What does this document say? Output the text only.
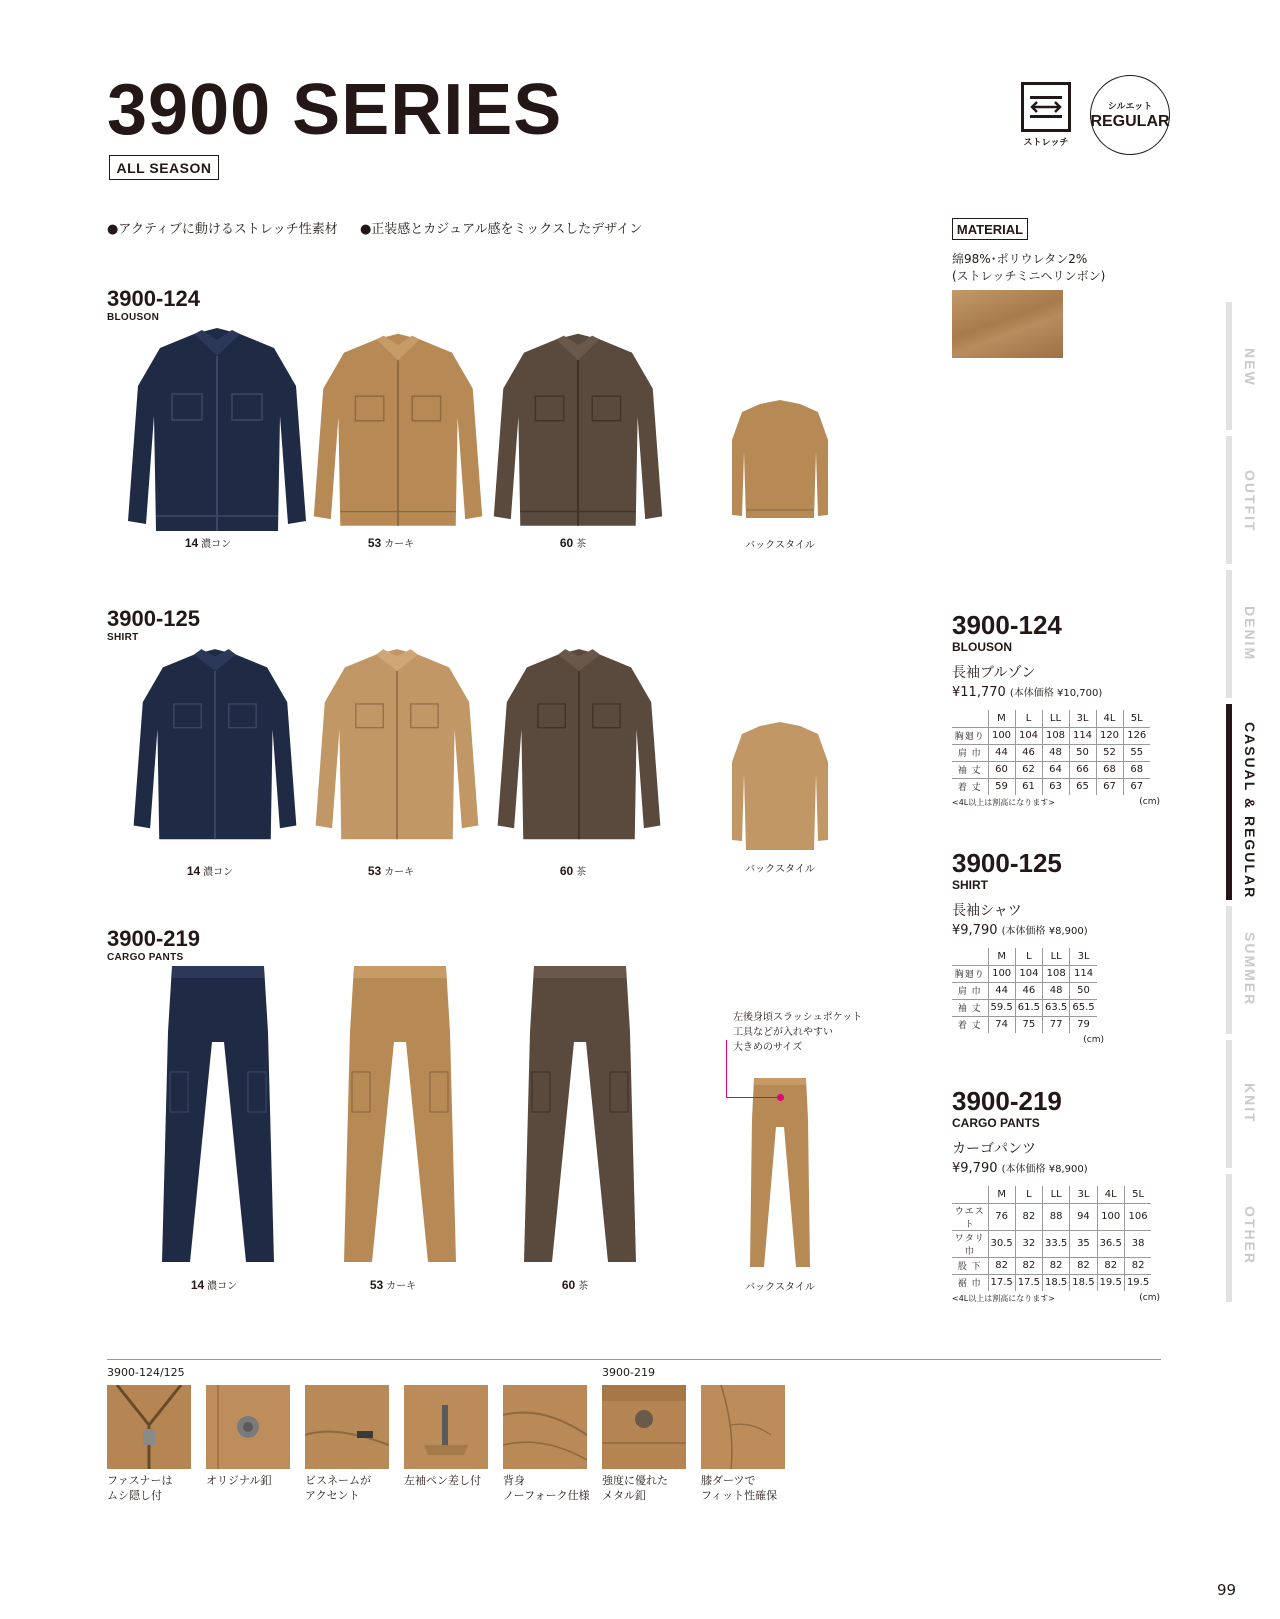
3900 SERIES
ALL SEASON
●アクティブに動けるストレッチ性素材 ●正装感とカジュアル感をミックスしたデザイン
ストレッチ
シルエット
REGULAR
MATERIAL
綿98%･ポリウレタン2%
(ストレッチミニヘリンボン)
3900-124
BLOUSON
3900-125
SHIRT
3900-219
CARGO PANTS
左後身頃スラッシュポケット
工具などが入れやすい
大きめのサイズ
14 濃コン	53 カーキ	60 茶	バックスタイル
14 濃コン	53 カーキ	60 茶	バックスタイル
14 濃コン	53 カーキ	60 茶	バックスタイル
3900-124
BLOUSON
長袖ブルゾン
¥11,770 (本体価格 ¥10,700)
	M	L	LL	3L	4L	5L
胸廻り	100	104	108	114	120	126
肩 巾	44	46	48	50	52	55
袖 丈	60	62	64	66	68	68
着 丈	59	61	63	65	67	67
<4L以上は割高になります>	(cm)
3900-125
SHIRT
長袖シャツ
¥9,790 (本体価格 ¥8,900)
	M	L	LL	3L
胸廻り	100	104	108	114
肩 巾	44	46	48	50
袖 丈	59.5	61.5	63.5	65.5
着 丈	74	75	77	79
(cm)
3900-219
CARGO PANTS
カーゴパンツ
¥9,790 (本体価格 ¥8,900)
	M	L	LL	3L	4L	5L
ウエスト	76	82	88	94	100	106
ワタリ巾	30.5	32	33.5	35	36.5	38
股 下	82	82	82	82	82	82
裾 巾	17.5	17.5	18.5	18.5	19.5	19.5
<4L以上は割高になります>	(cm)
NEW
OUTFIT
DENIM
CASUAL & REGULAR
SUMMER
KNIT
OTHER
3900-124/125	3900-219
ファスナーは
ムシ隠し付
オリジナル釦	ビスネームが
アクセント
左袖ペン差し付	背身
ノーフォーク仕様
強度に優れた
メタル釦
膝ダーツで
フィット性確保
99
